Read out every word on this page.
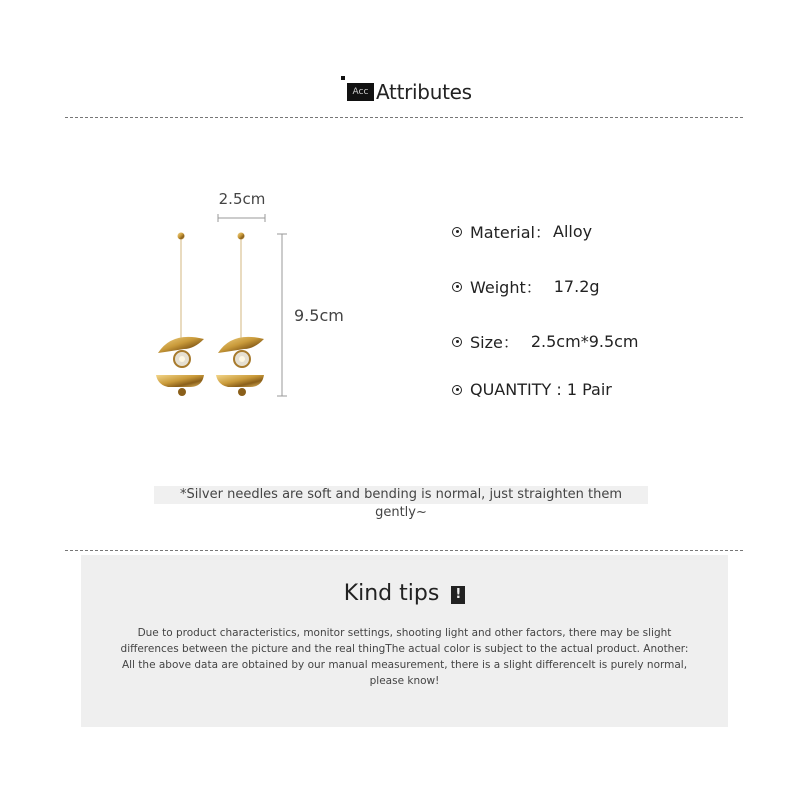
Acc Attributes
2.5cm
9.5cm
Material： Alloy
Weight： 17.2g
Size： 2.5cm*9.5cm
QUANTITY : 1 Pair
*Silver needles are soft and bending is normal, just straighten them gently~
Kind tips !
Due to product characteristics, monitor settings, shooting light and other factors, there may be slight differences between the picture and the real thingThe actual color is subject to the actual product. Another: All the above data are obtained by our manual measurement, there is a slight differenceIt is purely normal, please know!
